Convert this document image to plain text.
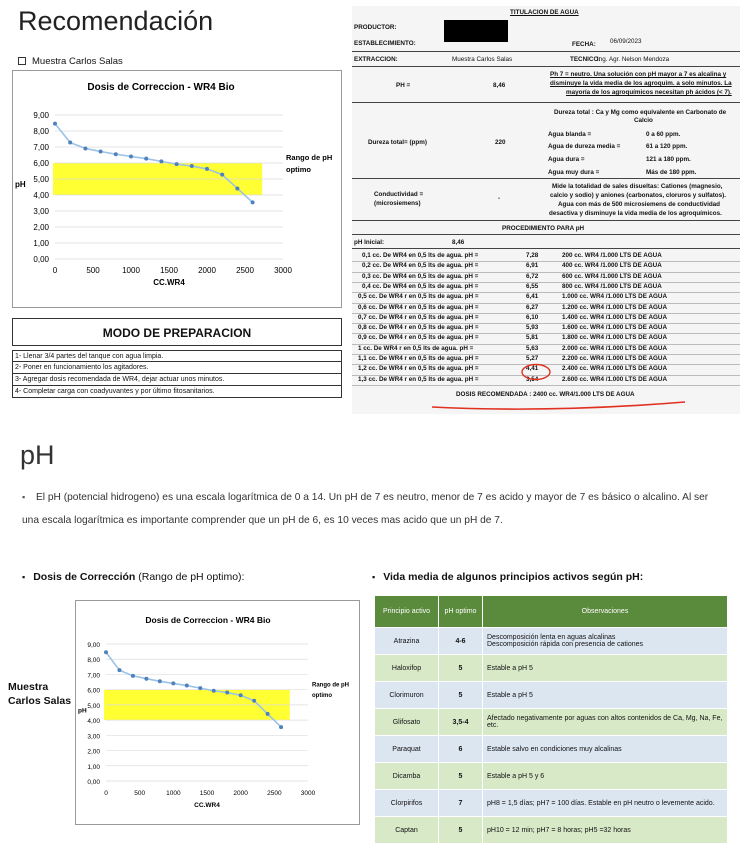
Recomendación
Muestra Carlos Salas
Dosis de Correccion - WR4 Bio
0,00
1,00
2,00
3,00
4,00
5,00
6,00
7,00
8,00
9,00
0	500	1000	1500	2000	2500	3000
CC.WR4
pH
Rango de pH
optimo
MODO DE PREPARACION
1- Llenar 3/4 partes del tanque con agua limpia.
2- Poner en funcionamiento los agitadores.
3- Agregar dosis recomendada de WR4, dejar actuar unos minutos.
4- Completar carga con coadyuvantes y por último fitosanitarios.
TITULACION DE AGUA
PRODUCTOR:
ESTABLECIMIENTO:	FECHA: 06/09/2023
EXTRACCION:	Muestra Carlos Salas	TECNICO:
Ing. Agr. Nelson Mendoza
PH =	8,46
Ph 7 = neutro. Una solución con pH mayor a 7 es alcalina y
disminuye la vida media de los agroquim. a solo minutos. La
mayoría de los agroquímicos necesitan ph ácidos (< 7).
Dureza total : Ca y Mg como equivalente en Carbonato de
Calcio
Dureza total= (ppm)	220
Agua blanda =	0 a 60 ppm.
Agua de dureza media =	61 a 120 ppm.
Agua dura =	121 a 180 ppm.
Agua muy dura =	Más de 180 ppm.
Conductividad =
(microsiemens)
-
Mide la totalidad de sales disueltas: Cationes (magnesio,
calcio y sodio) y aniones (carbonatos, cloruros y sulfatos).
Agua con más de 500 microsiemens de conductividad
desactiva y disminuye la vida media de los agroquímicos.
PROCEDIMIENTO PARA pH
pH Inicial:	8,46
0,1 cc. De WR4 en 0,5 lts de agua. pH =	7,28	200 cc. WR4 /1.000 LTS DE AGUA
0,2 cc. De WR4 en 0,5 lts de agua. pH =	6,91	400 cc. WR4 /1.000 LTS DE AGUA
0,3 cc. De WR4 en 0,5 lts de agua. pH =	6,72	600 cc. WR4 /1.000 LTS DE AGUA
0,4 cc. De WR4 en 0,5 lts de agua. pH =	6,55	800 cc. WR4 /1.000 LTS DE AGUA
0,5 cc. De WR4 r en 0,5 lts de agua. pH =	6,41	1.000 cc. WR4 /1.000 LTS DE AGUA
0,6 cc. De WR4 r en 0,5 lts de agua. pH =	6,27	1.200 cc. WR4 /1.000 LTS DE AGUA
0,7 cc. De WR4 r en 0,5 lts de agua. pH =	6,10	1.400 cc. WR4 /1.000 LTS DE AGUA
0,8 cc. De WR4 r en 0,5 lts de agua. pH =	5,93	1.600 cc. WR4 /1.000 LTS DE AGUA
0,9 cc. De WR4 r en 0,5 lts de agua. pH =	5,81	1.800 cc. WR4 /1.000 LTS DE AGUA
1 cc. De WR4 r en 0,5 lts de agua. pH =	5,63	2.000 cc. WR4 /1.000 LTS DE AGUA
1,1 cc. De WR4 r en 0,5 lts de agua. pH =	5,27	2.200 cc. WR4 /1.000 LTS DE AGUA
1,2 cc. De WR4 r en 0,5 lts de agua. pH =	4,41	2.400 cc. WR4 /1.000 LTS DE AGUA
1,3 cc. De WR4 r en 0,5 lts de agua. pH =	3,54	2.600 cc. WR4 /1.000 LTS DE AGUA
DOSIS RECOMENDADA : 2400 cc. WR4/1.000 LTS DE AGUA
pH
▪ El pH (potencial hidrogeno) es una escala logarítmica de 0 a 14. Un pH de 7 es neutro, menor de 7 es acido y mayor de 7 es básico o alcalino. Al ser una escala logarítmica es importante comprender que un pH de 6, es 10 veces mas acido que un pH de 7.
▪ Dosis de Corrección (Rango de pH optimo):	▪ Vida media de algunos principios activos según pH:
Dosis de Correccion - WR4 Bio
0,00
1,00
2,00
3,00
4,00
5,00
6,00
7,00
8,00
9,00
0	500	1000	1500	2000	2500	3000
CC.WR4
pH
Rango de pH
optimo
Muestra
Carlos Salas
Principio activo	pH optimo	Observaciones
Atrazina	4-6	Descomposición lenta en aguas alcalinas
Descomposición rápida con presencia de cationes
Haloxifop	5	Estable a pH 5
Clorimuron	5	Estable a pH 5
Glifosato	3,5-4	Afectado negativamente por aguas con altos contenidos de Ca, Mg, Na, Fe, etc.
Paraquat	6	Estable salvo en condiciones muy alcalinas
Dicamba	5	Estable a pH 5 y 6
Clorpirifos	7	pH8 = 1,5 días; pH7 = 100 días. Estable en pH neutro o levemente acido.
Captan	5	pH10 = 12 min; pH7 = 8 horas; pH5 =32 horas
